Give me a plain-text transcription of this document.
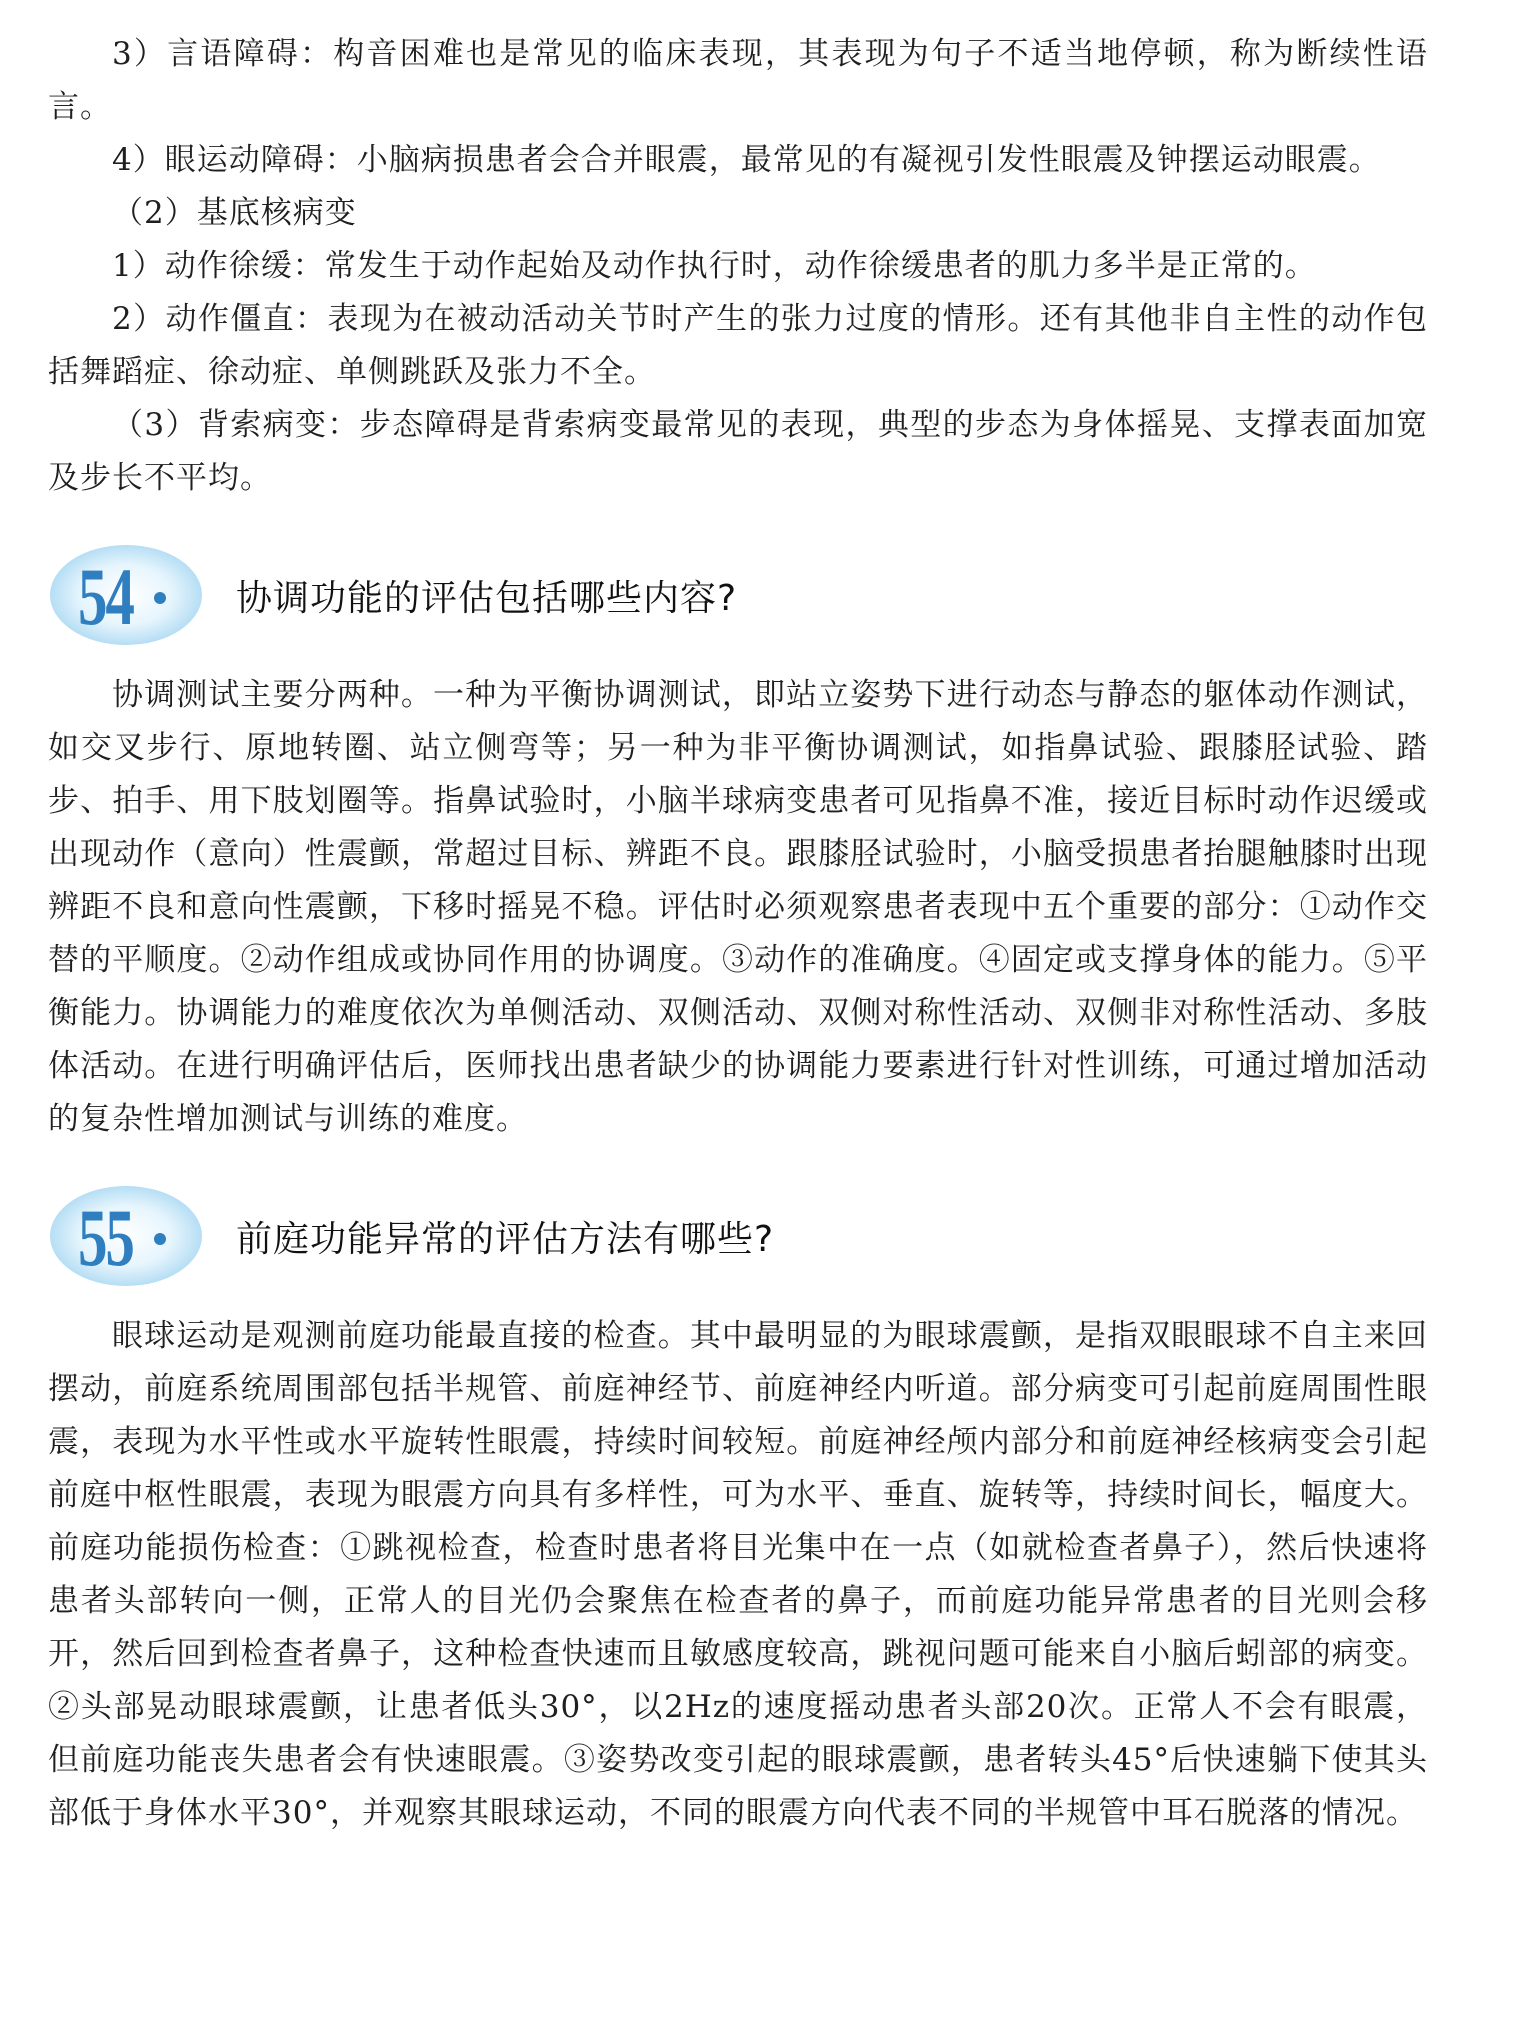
3）言语障碍：构音困难也是常见的临床表现，其表现为句子不适当地停顿，称为断续性语言。

4）眼运动障碍：小脑病损患者会合并眼震，最常见的有凝视引发性眼震及钟摆运动眼震。

（2）基底核病变

1）动作徐缓：常发生于动作起始及动作执行时，动作徐缓患者的肌力多半是正常的。

2）动作僵直：表现为在被动活动关节时产生的张力过度的情形。还有其他非自主性的动作包括舞蹈症、徐动症、单侧跳跃及张力不全。

（3）背索病变：步态障碍是背索病变最常见的表现，典型的步态为身体摇晃、支撑表面加宽及步长不平均。

54	协调功能的评估包括哪些内容?

协调测试主要分两种。一种为平衡协调测试，即站立姿势下进行动态与静态的躯体动作测试，如交叉步行、原地转圈、站立侧弯等；另一种为非平衡协调测试，如指鼻试验、跟膝胫试验、踏步、拍手、用下肢划圈等。指鼻试验时，小脑半球病变患者可见指鼻不准，接近目标时动作迟缓或出现动作（意向）性震颤，常超过目标、辨距不良。跟膝胫试验时，小脑受损患者抬腿触膝时出现辨距不良和意向性震颤，下移时摇晃不稳。评估时必须观察患者表现中五个重要的部分：①动作交替的平顺度。②动作组成或协同作用的协调度。③动作的准确度。④固定或支撑身体的能力。⑤平衡能力。协调能力的难度依次为单侧活动、双侧活动、双侧对称性活动、双侧非对称性活动、多肢体活动。在进行明确评估后，医师找出患者缺少的协调能力要素进行针对性训练，可通过增加活动的复杂性增加测试与训练的难度。

55	前庭功能异常的评估方法有哪些?

眼球运动是观测前庭功能最直接的检查。其中最明显的为眼球震颤，是指双眼眼球不自主来回摆动，前庭系统周围部包括半规管、前庭神经节、前庭神经内听道。部分病变可引起前庭周围性眼震，表现为水平性或水平旋转性眼震，持续时间较短。前庭神经颅内部分和前庭神经核病变会引起前庭中枢性眼震，表现为眼震方向具有多样性，可为水平、垂直、旋转等，持续时间长，幅度大。前庭功能损伤检查：①跳视检查，检查时患者将目光集中在一点（如就检查者鼻子），然后快速将患者头部转向一侧，正常人的目光仍会聚焦在检查者的鼻子，而前庭功能异常患者的目光则会移开，然后回到检查者鼻子，这种检查快速而且敏感度较高，跳视问题可能来自小脑后蚓部的病变。②头部晃动眼球震颤，让患者低头30°，以2Hz的速度摇动患者头部20次。正常人不会有眼震，但前庭功能丧失患者会有快速眼震。③姿势改变引起的眼球震颤，患者转头45°后快速躺下使其头部低于身体水平30°，并观察其眼球运动，不同的眼震方向代表不同的半规管中耳石脱落的情况。
